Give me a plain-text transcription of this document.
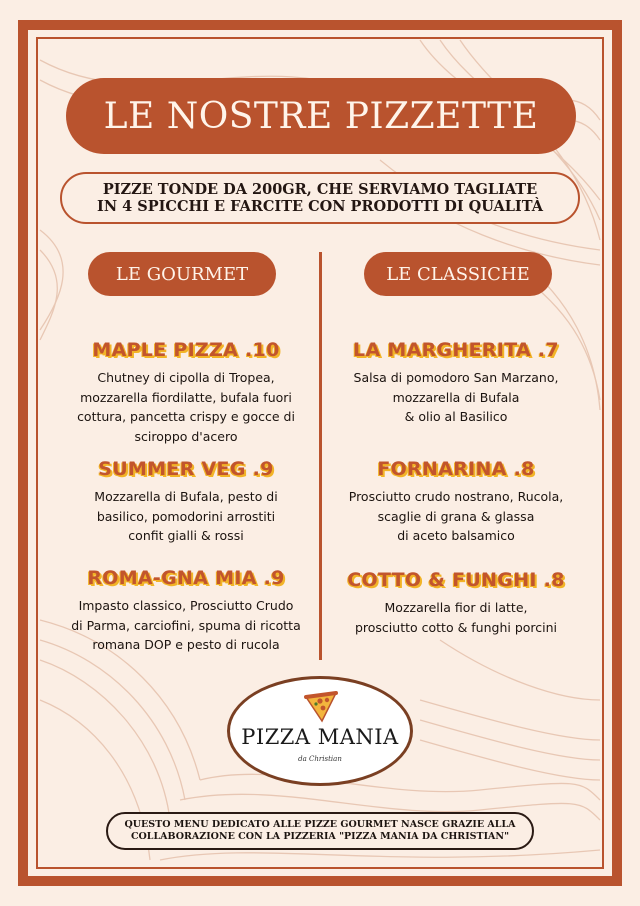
LE NOSTRE PIZZETTE
PIZZE TONDE DA 200GR, CHE SERVIAMO TAGLIATE
IN 4 SPICCHI E FARCITE CON PRODOTTI DI QUALITÀ
LE GOURMET	LE CLASSICHE
MAPLE PIZZA .10
Chutney di cipolla di Tropea,
mozzarella fiordilatte, bufala fuori
cottura, pancetta crispy e gocce di
sciroppo d'acero
SUMMER VEG .9
Mozzarella di Bufala, pesto di
basilico, pomodorini arrostiti
confit gialli & rossi
ROMA-GNA MIA .9
Impasto classico, Prosciutto Crudo
di Parma, carciofini, spuma di ricotta
romana DOP e pesto di rucola
LA MARGHERITA .7
Salsa di pomodoro San Marzano,
mozzarella di Bufala
& olio al Basilico
FORNARINA .8
Prosciutto crudo nostrano, Rucola,
scaglie di grana & glassa
di aceto balsamico
COTTO & FUNGHI .8
Mozzarella fior di latte,
prosciutto cotto & funghi porcini
PIZZA MANIA
da Christian
QUESTO MENU DEDICATO ALLE PIZZE GOURMET NASCE GRAZIE ALLA
COLLABORAZIONE CON LA PIZZERIA "PIZZA MANIA DA CHRISTIAN"
